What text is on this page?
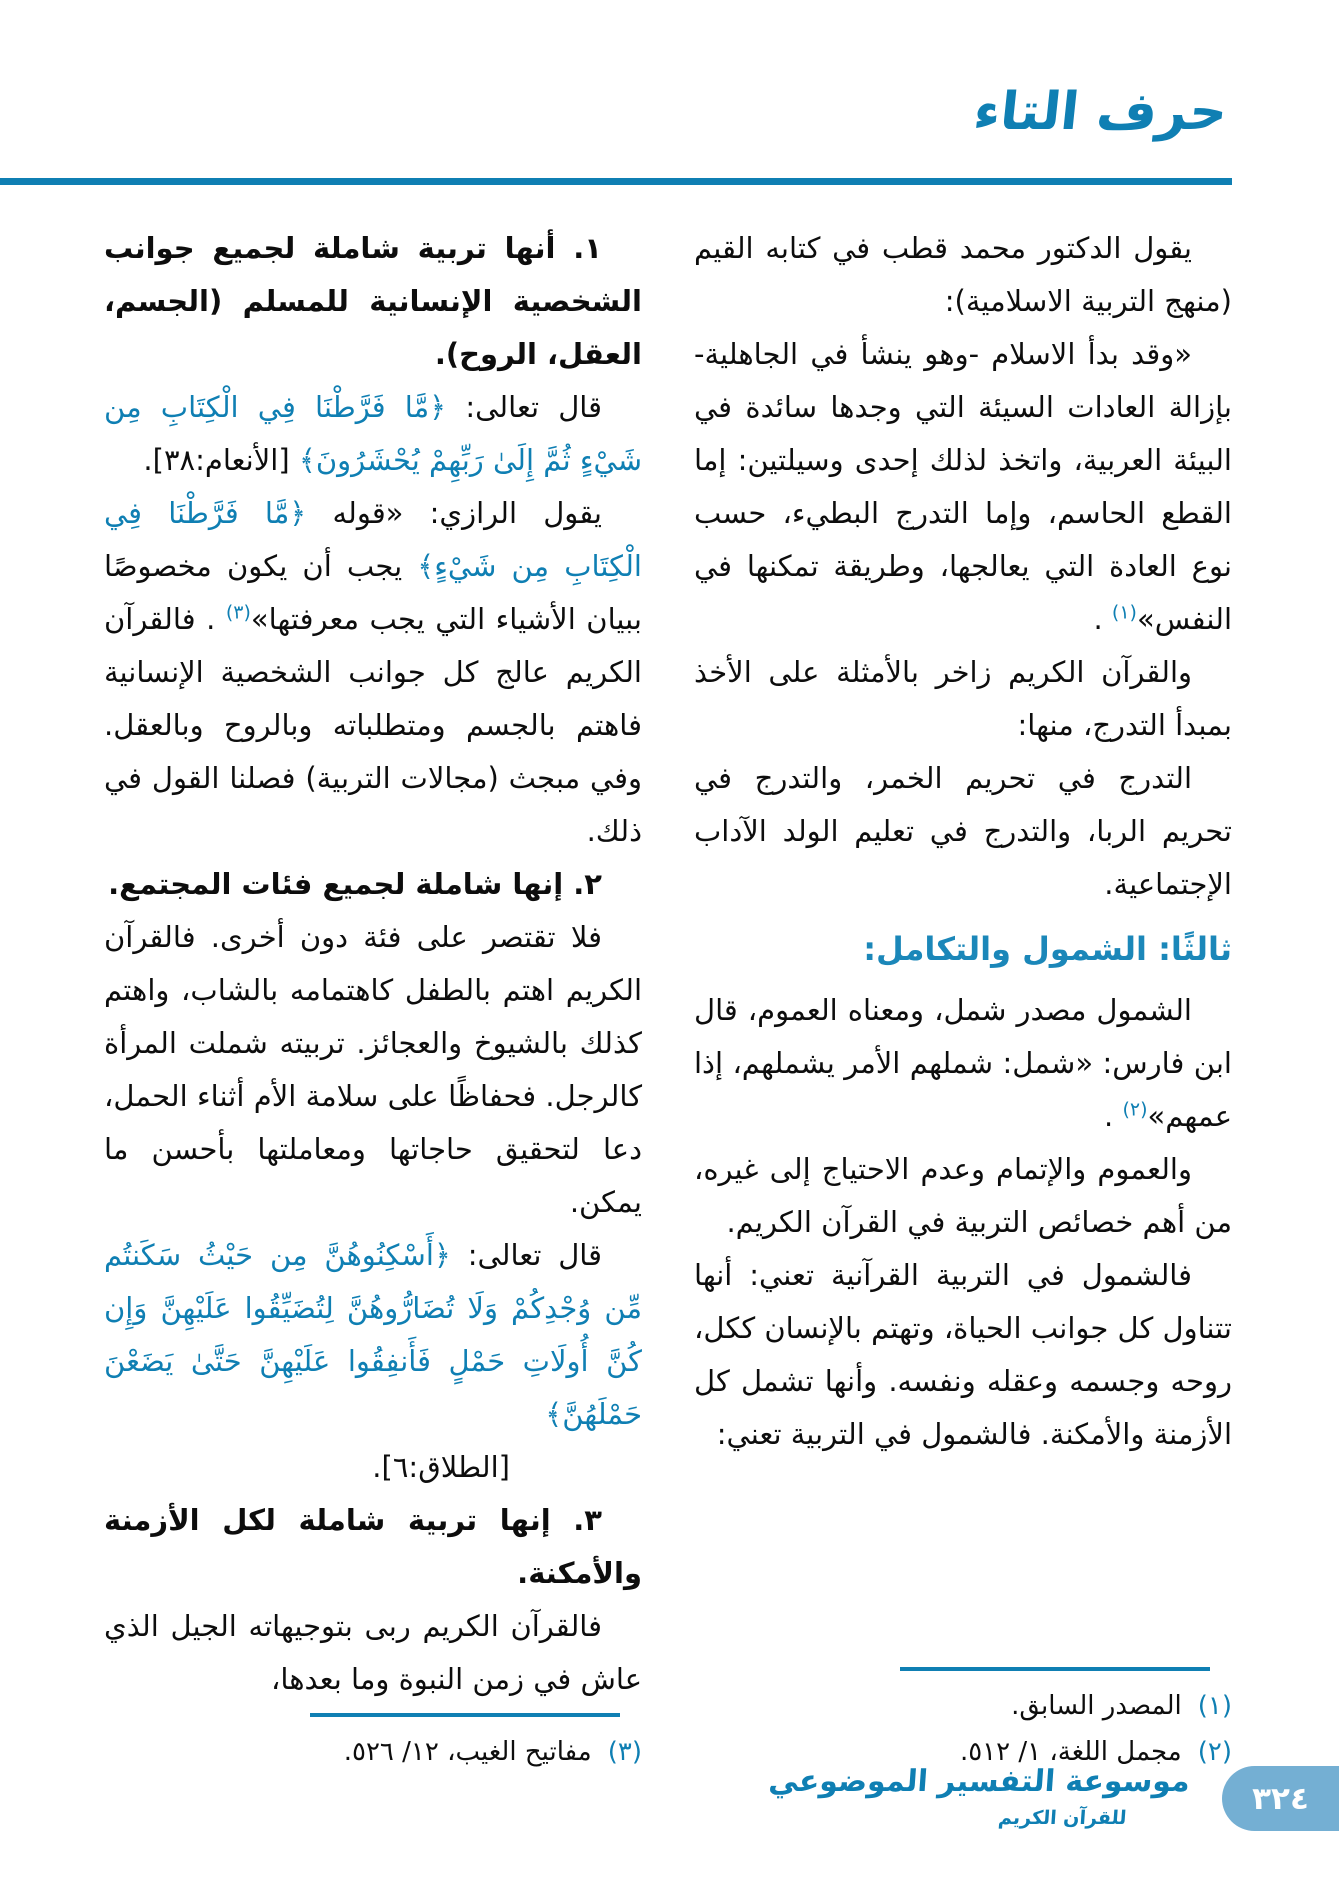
حرف التاء

يقول الدكتور محمد قطب في كتابه القيم (منهج التربية الاسلامية):

«وقد بدأ الاسلام -وهو ينشأ في الجاهلية- بإزالة العادات السيئة التي وجدها سائدة في البيئة العربية، واتخذ لذلك إحدى وسيلتين: إما القطع الحاسم، وإما التدرج البطيء، حسب نوع العادة التي يعالجها، وطريقة تمكنها في النفس»$^{(١)}$ .

والقرآن الكريم زاخر بالأمثلة على الأخذ بمبدأ التدرج، منها:

التدرج في تحريم الخمر، والتدرج في تحريم الربا، والتدرج في تعليم الولد الآداب الإجتماعية.

ثالثًا: الشمول والتكامل:

الشمول مصدر شمل، ومعناه العموم، قال ابن فارس: «شمل: شملهم الأمر يشملهم، إذا عمهم»$^{(٢)}$ .

والعموم والإتمام وعدم الاحتياج إلى غيره، من أهم خصائص التربية في القرآن الكريم.

فالشمول في التربية القرآنية تعني: أنها تتناول كل جوانب الحياة، وتهتم بالإنسان ككل، روحه وجسمه وعقله ونفسه. وأنها تشمل كل الأزمنة والأمكنة. فالشمول في التربية تعني:

(١)
المصدر السابق.
(٢)
مجمل اللغة، ١/ ٥١٢.

١. أنها تربية شاملة لجميع جوانب الشخصية الإنسانية للمسلم (الجسم، العقل، الروح).

قال تعالى: ﴿مَّا فَرَّطْنَا فِي الْكِتَابِ مِن شَيْءٍ ثُمَّ إِلَىٰ رَبِّهِمْ يُحْشَرُونَ﴾ [الأنعام:٣٨].

يقول الرازي: «قوله ﴿مَّا فَرَّطْنَا فِي الْكِتَابِ مِن شَيْءٍ﴾ يجب أن يكون مخصوصًا ببيان الأشياء التي يجب معرفتها»$^{(٣)}$ . فالقرآن الكريم عالج كل جوانب الشخصية الإنسانية فاهتم بالجسم ومتطلباته وبالروح وبالعقل. وفي مبجث (مجالات التربية) فصلنا القول في ذلك.

٢. إنها شاملة لجميع فئات المجتمع.

فلا تقتصر على فئة دون أخرى. فالقرآن الكريم اهتم بالطفل كاهتمامه بالشاب، واهتم كذلك بالشيوخ والعجائز. تربيته شملت المرأة كالرجل. فحفاظًا على سلامة الأم أثناء الحمل، دعا لتحقيق حاجاتها ومعاملتها بأحسن ما يمكن.

قال تعالى: ﴿أَسْكِنُوهُنَّ مِن حَيْثُ سَكَنتُم مِّن وُجْدِكُمْ وَلَا تُضَارُّوهُنَّ لِتُضَيِّقُوا عَلَيْهِنَّ وَإِن كُنَّ أُولَاتِ حَمْلٍ فَأَنفِقُوا عَلَيْهِنَّ حَتَّىٰ يَضَعْنَ حَمْلَهُنَّ﴾

[الطلاق:٦].

٣. إنها تربية شاملة لكل الأزمنة والأمكنة.

فالقرآن الكريم ربى بتوجيهاته الجيل الذي عاش في زمن النبوة وما بعدها،

(٣)
مفاتيح الغيب، ١٢/ ٥٢٦.
موسوعة التفسير الموضوعي
للقرآن الكريم
٣٢٤
